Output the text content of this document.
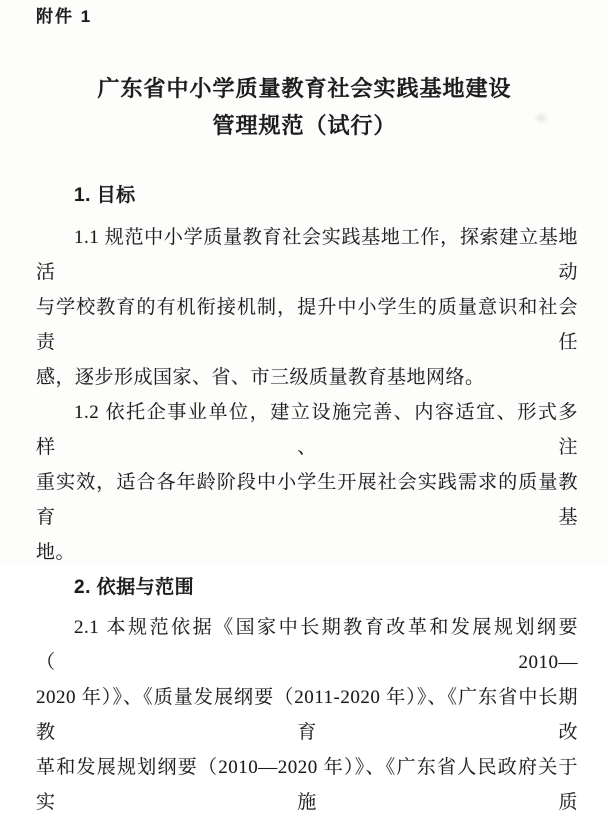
附件 1
广东省中小学质量教育社会实践基地建设
管理规范（试行）
1. 目标
1.1 规范中小学质量教育社会实践基地工作，探索建立基地活动
与学校教育的有机衔接机制，提升中小学生的质量意识和社会责任
感，逐步形成国家、省、市三级质量教育基地网络。
1.2 依托企事业单位，建立设施完善、内容适宜、形式多样、注
重实效，适合各年龄阶段中小学生开展社会实践需求的质量教育基
地。
2. 依据与范围
2.1 本规范依据《国家中长期教育改革和发展规划纲要（2010—
2020 年）》、《质量发展纲要（2011-2020 年）》、《广东省中长期教育改
革和发展规划纲要（2010—2020 年）》、《广东省人民政府关于实施质
